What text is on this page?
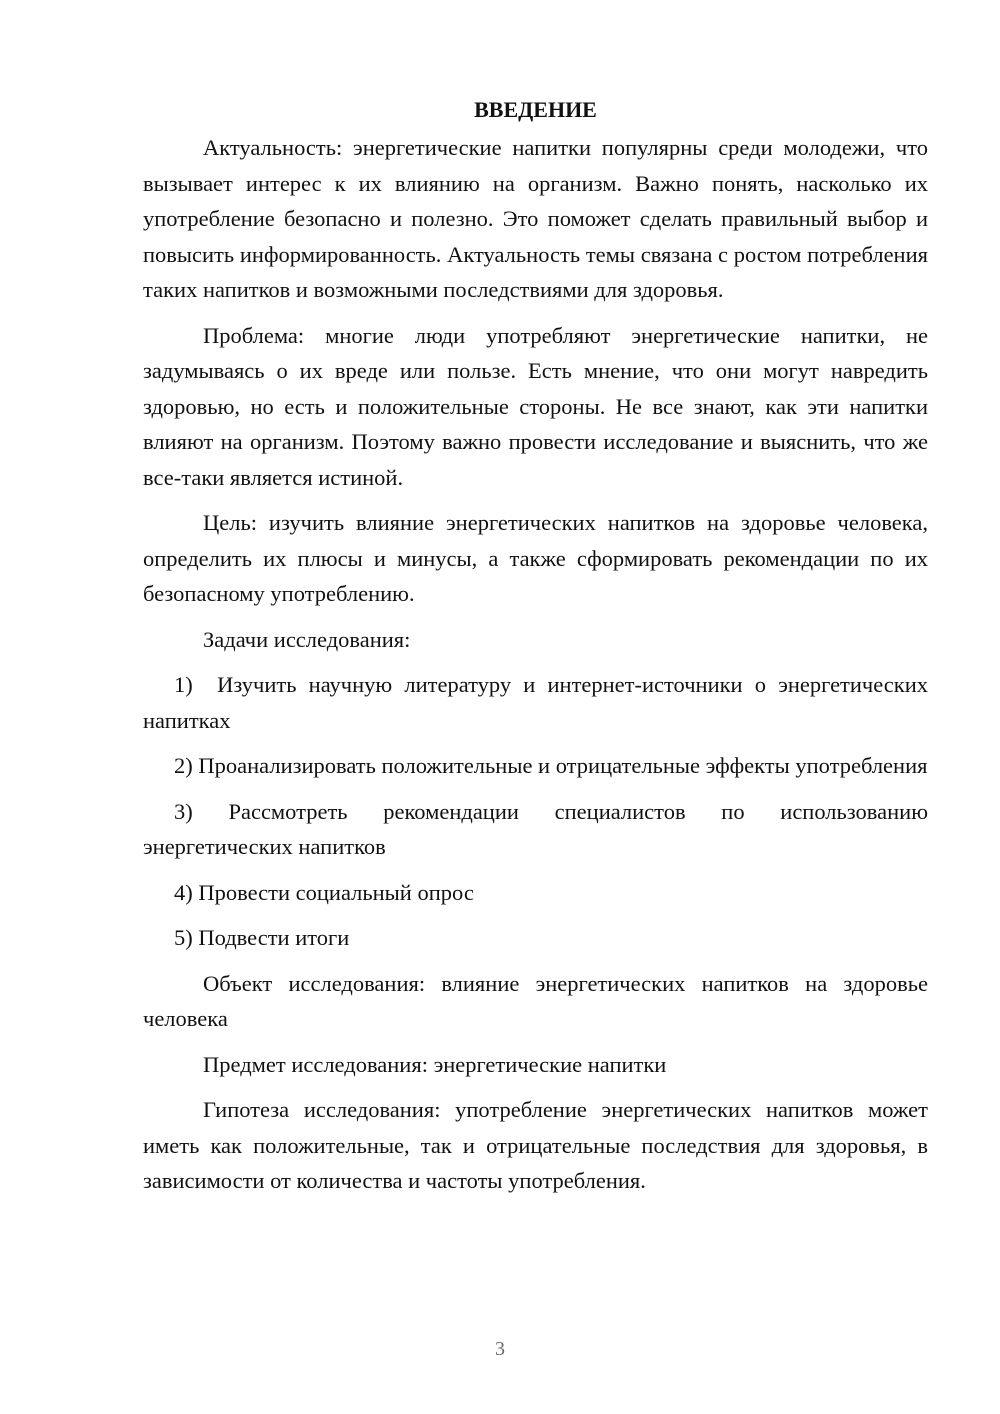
ВВЕДЕНИЕ

Актуальность: энергетические напитки популярны среди молодежи, что вызывает интерес к их влиянию на организм. Важно понять, насколько их употребление безопасно и полезно. Это поможет сделать правильный выбор и повысить информированность. Актуальность темы связана с ростом потребления таких напитков и возможными последствиями для здоровья.

Проблема: многие люди употребляют энергетические напитки, не задумываясь о их вреде или пользе. Есть мнение, что они могут навредить здоровью, но есть и положительные стороны. Не все знают, как эти напитки влияют на организм. Поэтому важно провести исследование и выяснить, что же все-таки является истиной.

Цель: изучить влияние энергетических напитков на здоровье человека, определить их плюсы и минусы, а также сформировать рекомендации по их безопасному употреблению.

Задачи исследования:

1) Изучить научную литературу и интернет-источники о энергетических напитках

2) Проанализировать положительные и отрицательные эффекты употребления

3) Рассмотреть рекомендации специалистов по использованию энергетических напитков

4) Провести социальный опрос

5) Подвести итоги

Объект исследования: влияние энергетических напитков на здоровье человека

Предмет исследования: энергетические напитки

Гипотеза исследования: употребление энергетических напитков может иметь как положительные, так и отрицательные последствия для здоровья, в зависимости от количества и частоты употребления.

3
